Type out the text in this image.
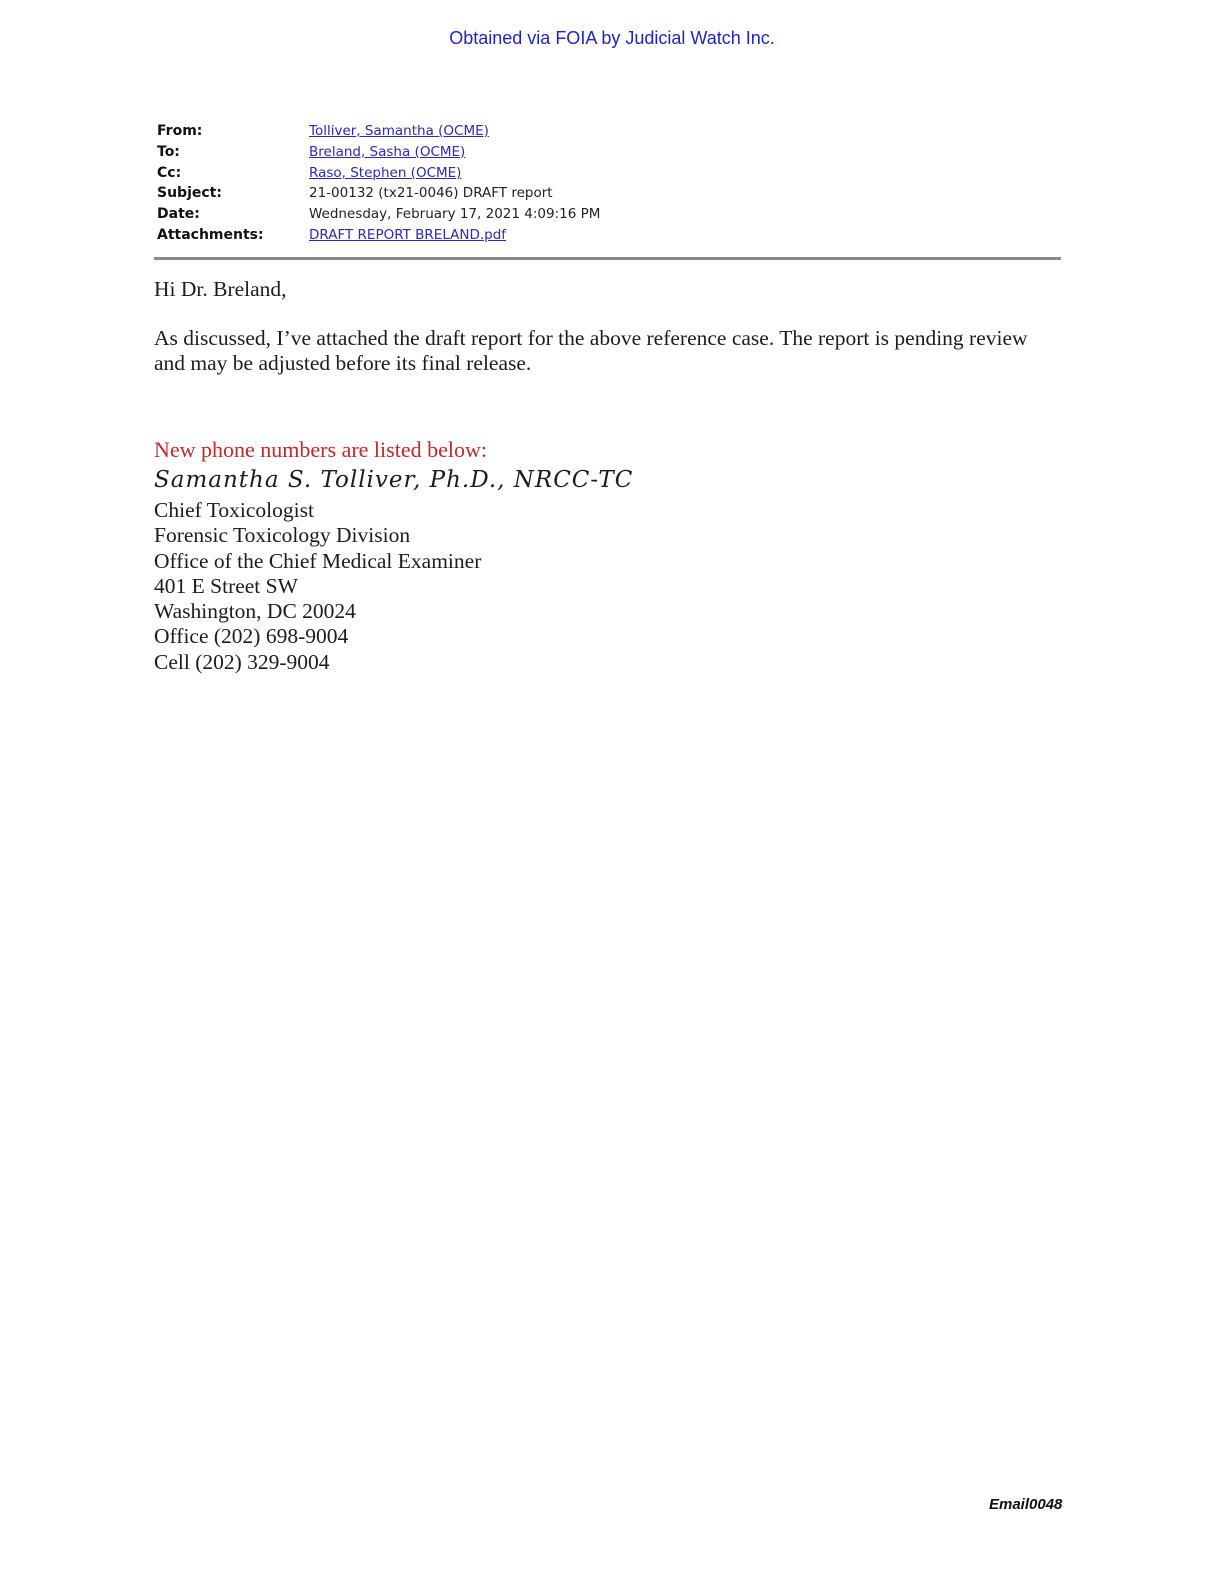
Obtained via FOIA by Judicial Watch Inc.
From:	Tolliver, Samantha (OCME)
To:	Breland, Sasha (OCME)
Cc:	Raso, Stephen (OCME)
Subject:	21-00132 (tx21-0046) DRAFT report
Date:	Wednesday, February 17, 2021 4:09:16 PM
Attachments:	DRAFT REPORT BRELAND.pdf
Hi Dr. Breland,
As discussed, I’ve attached the draft report for the above reference case. The report is pending review and may be adjusted before its final release.
New phone numbers are listed below:
Samantha S. Tolliver, Ph.D., NRCC-TC
Chief Toxicologist
Forensic Toxicology Division
Office of the Chief Medical Examiner
401 E Street SW
Washington, DC 20024
Office (202) 698-9004
Cell (202) 329-9004
Email0048
